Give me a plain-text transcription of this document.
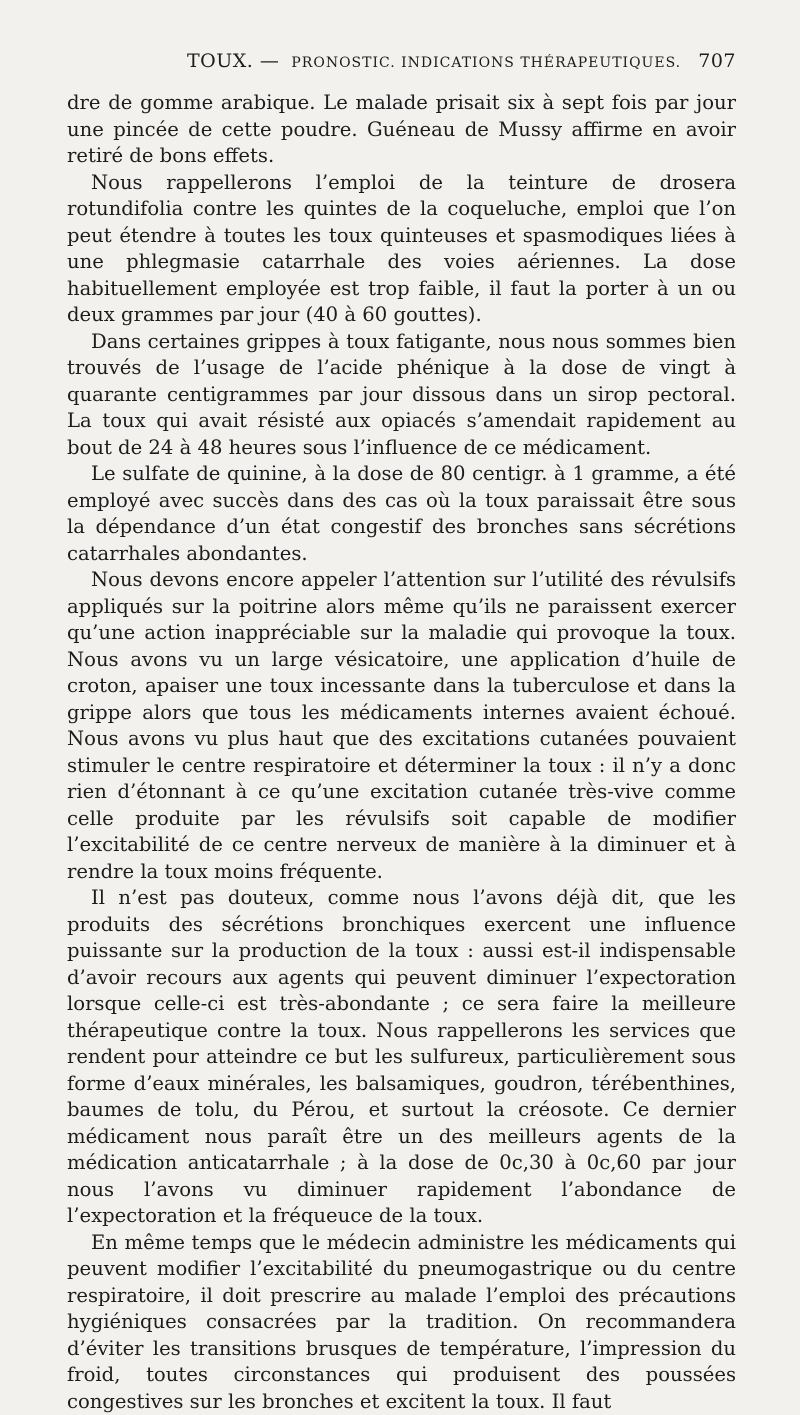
TOUX. — PRONOSTIC. INDICATIONS THÉRAPEUTIQUES. 707

dre de gomme arabique. Le malade prisait six à sept fois par jour une pincée de cette poudre. Guéneau de Mussy affirme en avoir retiré de bons effets.

Nous rappellerons l’emploi de la teinture de drosera rotundifolia contre les quintes de la coqueluche, emploi que l’on peut étendre à toutes les toux quinteuses et spasmodiques liées à une phlegmasie catarrhale des voies aériennes. La dose habituellement employée est trop faible, il faut la porter à un ou deux grammes par jour (40 à 60 gouttes).

Dans certaines grippes à toux fatigante, nous nous sommes bien trouvés de l’usage de l’acide phénique à la dose de vingt à quarante centigrammes par jour dissous dans un sirop pectoral. La toux qui avait résisté aux opiacés s’amendait rapidement au bout de 24 à 48 heures sous l’influence de ce médicament.

Le sulfate de quinine, à la dose de 80 centigr. à 1 gramme, a été employé avec succès dans des cas où la toux paraissait être sous la dépendance d’un état congestif des bronches sans sécrétions catarrhales abondantes.

Nous devons encore appeler l’attention sur l’utilité des révulsifs appliqués sur la poitrine alors même qu’ils ne paraissent exercer qu’une action inappréciable sur la maladie qui provoque la toux. Nous avons vu un large vésicatoire, une application d’huile de croton, apaiser une toux incessante dans la tuberculose et dans la grippe alors que tous les médicaments internes avaient échoué. Nous avons vu plus haut que des excitations cutanées pouvaient stimuler le centre respiratoire et déterminer la toux : il n’y a donc rien d’étonnant à ce qu’une excitation cutanée très-vive comme celle produite par les révulsifs soit capable de modifier l’excitabilité de ce centre nerveux de manière à la diminuer et à rendre la toux moins fréquente.

Il n’est pas douteux, comme nous l’avons déjà dit, que les produits des sécrétions bronchiques exercent une influence puissante sur la production de la toux : aussi est-il indispensable d’avoir recours aux agents qui peuvent diminuer l’expectoration lorsque celle-ci est très-abondante ; ce sera faire la meilleure thérapeutique contre la toux. Nous rappellerons les services que rendent pour atteindre ce but les sulfureux, particulièrement sous forme d’eaux minérales, les balsamiques, goudron, térébenthines, baumes de tolu, du Pérou, et surtout la créosote. Ce dernier médicament nous paraît être un des meilleurs agents de la médication anticatarrhale ; à la dose de 0c,30 à 0c,60 par jour nous l’avons vu diminuer rapidement l’abondance de l’expectoration et la fréqueuce de la toux.

En même temps que le médecin administre les médicaments qui peuvent modifier l’excitabilité du pneumogastrique ou du centre respiratoire, il doit prescrire au malade l’emploi des précautions hygiéniques consacrées par la tradition. On recommandera d’éviter les transitions brusques de température, l’impression du froid, toutes circonstances qui produisent des poussées congestives sur les bronches et excitent la toux. Il faut
